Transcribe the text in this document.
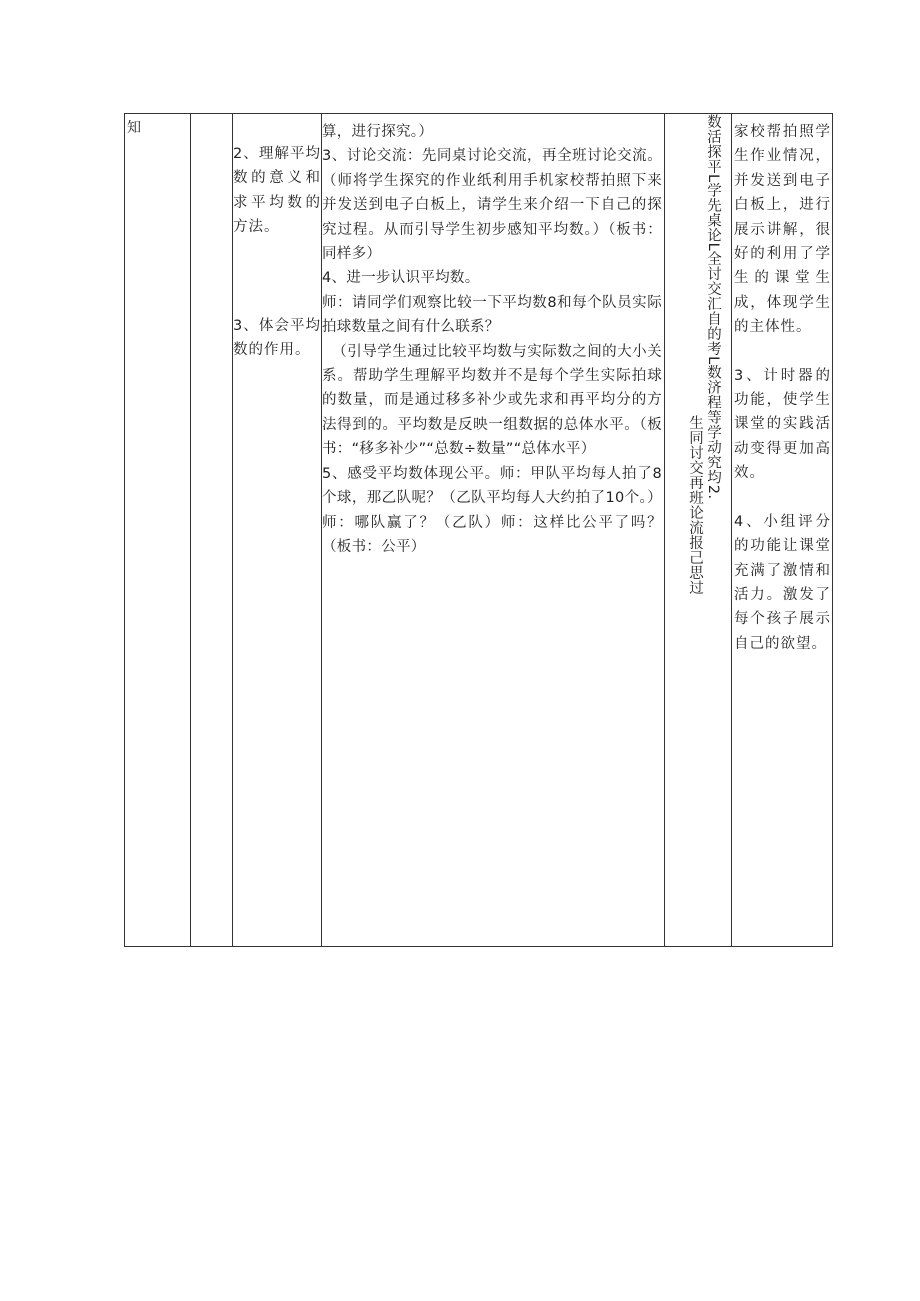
知

2、理解平均数的意义和求平均数的方法。

3、体会平均数的作用。

算，进行探究。）

3、讨论交流：先同桌讨论交流，再全班讨论交流。（师将学生探究的作业纸利用手机家校帮拍照下来并发送到电子白板上，请学生来介绍一下自己的探究过程。从而引导学生初步感知平均数。）（板书：同样多）

4、进一步认识平均数。

师：请同学们观察比较一下平均数8和每个队员实际拍球数量之间有什么联系？

（引导学生通过比较平均数与实际数之间的大小关系。帮助学生理解平均数并不是每个学生实际拍球的数量，而是通过移多补少或先求和再平均分的方法得到的。平均数是反映一组数据的总体水平。（板书：“移多补少”“总数÷数量”“总体水平）

5、感受平均数体现公平。师：甲队平均每人拍了8个球，那乙队呢？（乙队平均每人大约拍了10个。）师：哪队赢了？（乙队）师：这样比公平了吗？（板书：公平）

数活探平L学先桌论L全讨交汇自的考L数济程等学动究均2.
生同讨交再班论流报己思过

家校帮拍照学生作业情况，并发送到电子白板上，进行展示讲解，很好的利用了学生的课堂生成，体现学生的主体性。

3、计时器的功能，使学生课堂的实践活动变得更加高效。

4、小组评分的功能让课堂充满了激情和活力。激发了每个孩子展示自己的欲望。
